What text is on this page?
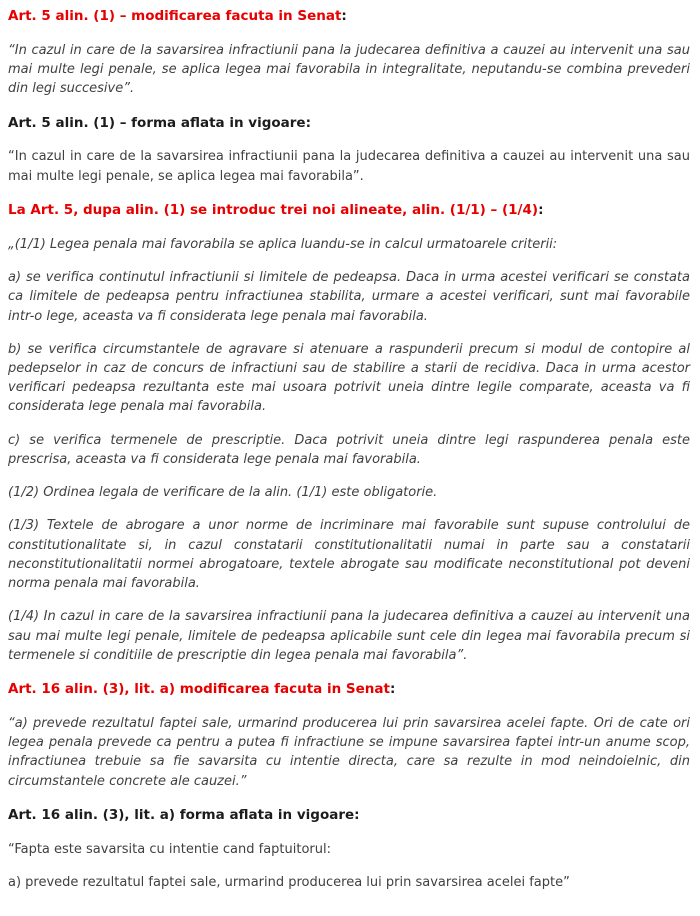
Art. 5 alin. (1) – modificarea facuta in Senat:

“In cazul in care de la savarsirea infractiunii pana la judecarea definitiva a cauzei au intervenit una sau mai multe legi penale, se aplica legea mai favorabila in integralitate, neputandu-se combina prevederi din legi succesive”.

Art. 5 alin. (1) – forma aflata in vigoare:

“In cazul in care de la savarsirea infractiunii pana la judecarea definitiva a cauzei au intervenit una sau mai multe legi penale, se aplica legea mai favorabila”.

La Art. 5, dupa alin. (1) se introduc trei noi alineate, alin. (1/1) – (1/4):

„(1/1) Legea penala mai favorabila se aplica luandu-se in calcul urmatoarele criterii:

a) se verifica continutul infractiunii si limitele de pedeapsa. Daca in urma acestei verificari se constata ca limitele de pedeapsa pentru infractiunea stabilita, urmare a acestei verificari, sunt mai favorabile intr-o lege, aceasta va fi considerata lege penala mai favorabila.

b) se verifica circumstantele de agravare si atenuare a raspunderii precum si modul de contopire al pedepselor in caz de concurs de infractiuni sau de stabilire a starii de recidiva. Daca in urma acestor verificari pedeapsa rezultanta este mai usoara potrivit uneia dintre legile comparate, aceasta va fi considerata lege penala mai favorabila.

c) se verifica termenele de prescriptie. Daca potrivit uneia dintre legi raspunderea penala este prescrisa, aceasta va fi considerata lege penala mai favorabila.

(1/2) Ordinea legala de verificare de la alin. (1/1) este obligatorie.

(1/3) Textele de abrogare a unor norme de incriminare mai favorabile sunt supuse controlului de constitutionalitate si, in cazul constatarii constitutionalitatii numai in parte sau a constatarii neconstitutionalitatii normei abrogatoare, textele abrogate sau modificate neconstitutional pot deveni norma penala mai favorabila.

(1/4) In cazul in care de la savarsirea infractiunii pana la judecarea definitiva a cauzei au intervenit una sau mai multe legi penale, limitele de pedeapsa aplicabile sunt cele din legea mai favorabila precum si termenele si conditiile de prescriptie din legea penala mai favorabila”.

Art. 16 alin. (3), lit. a) modificarea facuta in Senat:

“a) prevede rezultatul faptei sale, urmarind producerea lui prin savarsirea acelei fapte. Ori de cate ori legea penala prevede ca pentru a putea fi infractiune se impune savarsirea faptei intr-un anume scop, infractiunea trebuie sa fie savarsita cu intentie directa, care sa rezulte in mod neindoielnic, din circumstantele concrete ale cauzei.”

Art. 16 alin. (3), lit. a) forma aflata in vigoare:

“Fapta este savarsita cu intentie cand faptuitorul:

a) prevede rezultatul faptei sale, urmarind producerea lui prin savarsirea acelei fapte”
